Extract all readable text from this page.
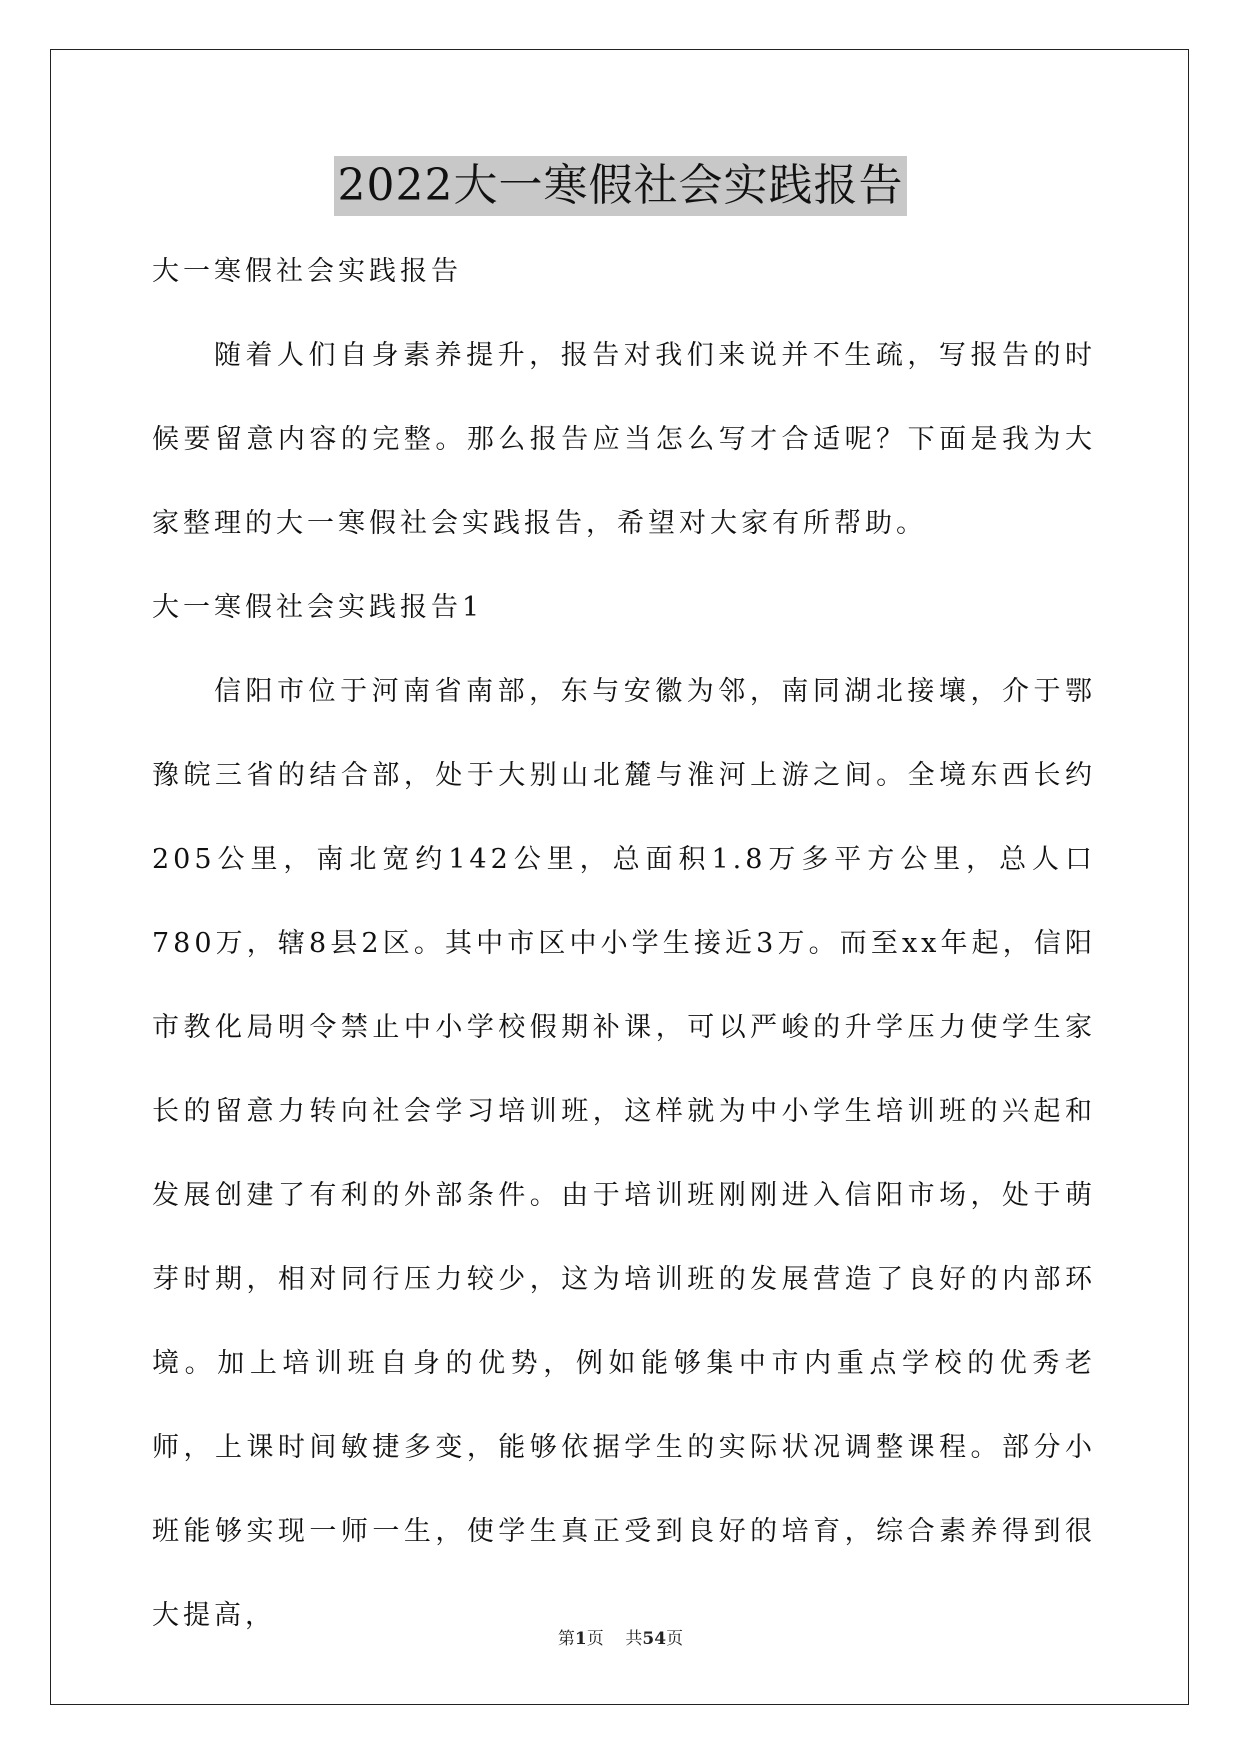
2022大一寒假社会实践报告

大一寒假社会实践报告

随着人们自身素养提升，报告对我们来说并不生疏，写报告的时候要留意内容的完整。那么报告应当怎么写才合适呢？下面是我为大家整理的大一寒假社会实践报告，希望对大家有所帮助。

大一寒假社会实践报告1

信阳市位于河南省南部，东与安徽为邻，南同湖北接壤，介于鄂豫皖三省的结合部，处于大别山北麓与淮河上游之间。全境东西长约205公里，南北宽约142公里，总面积1.8万多平方公里，总人口780万，辖8县2区。其中市区中小学生接近3万。而至xx年起，信阳市教化局明令禁止中小学校假期补课，可以严峻的升学压力使学生家长的留意力转向社会学习培训班，这样就为中小学生培训班的兴起和发展创建了有利的外部条件。由于培训班刚刚进入信阳市场，处于萌芽时期，相对同行压力较少，这为培训班的发展营造了良好的内部环境。加上培训班自身的优势，例如能够集中市内重点学校的优秀老师，上课时间敏捷多变，能够依据学生的实际状况调整课程。部分小班能够实现一师一生，使学生真正受到良好的培育，综合素养得到很大提高，

第1页 共54页
